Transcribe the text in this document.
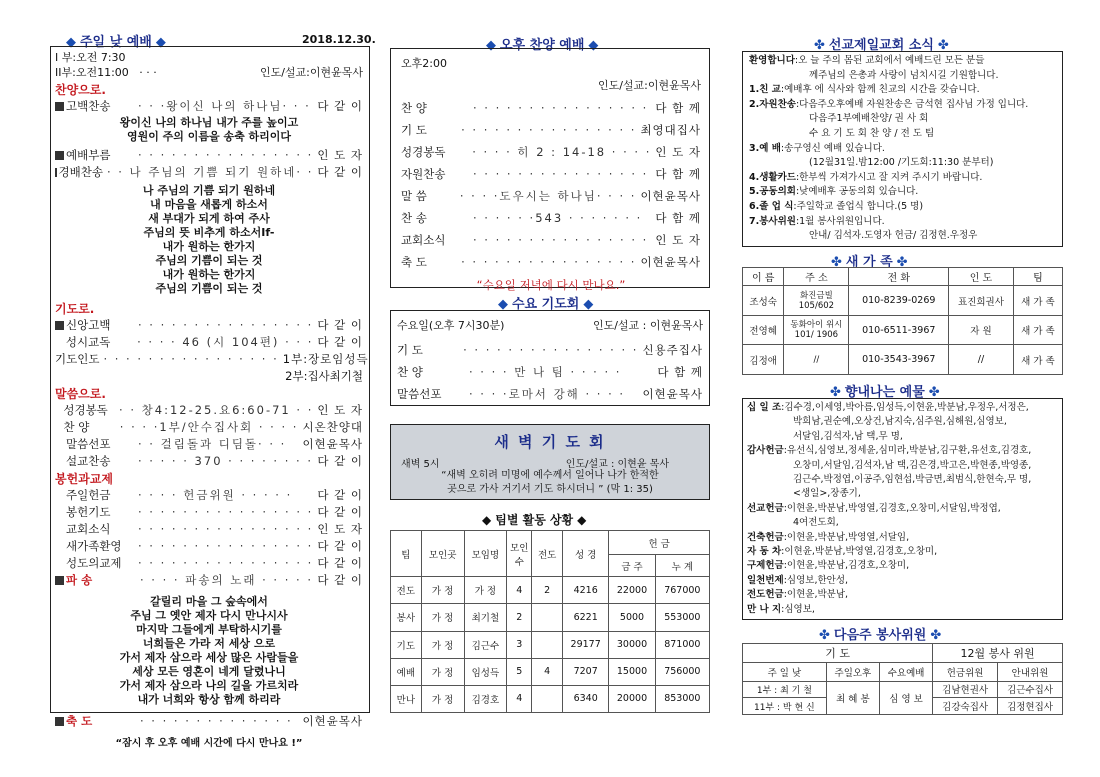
◆ 주일 낮 예배 ◆	2018.12.30.
I 부:오전 7:30
II부:오전11:00 · · ·	인도/설교:이현윤목사
찬양으로.
고백찬송	· · ·왕이신 나의 하나님· · · 다 같 이
왕이신 나의 하나님 내가 주를 높이고
영원이 주의 이름을 송축 하리이다
예배부름	· · · · · · · · · · · · · · · · 인 도 자
경배찬송 · · 나 주님의 기쁨 되기 원하네· · 다 같 이
나 주님의 기쁨 되기 원하네
내 마음을 새롭게 하소서
새 부대가 되게 하여 주사
주님의 뜻 비추게 하소서If-
내가 원하는 한가지
주님의 기쁨이 되는 것
내가 원하는 한가지
주님의 기쁨이 되는 것
기도로.
신앙고백	· · · · · · · · · · · · · · · · 다 같 이
성시교독	· · · · 46 (시 104편) · · · 다 같 이
기도인도 · · · · · · · · · · · · · · · · 1부:장로임성득
2부:집사최기철
말씀으로.
성경봉독 · · 창4:12-25.요6:60-71 · · 인 도 자
찬 양	· · · ·1부/안수집사회 · · · · 시온찬양대
말씀선포	· · 걸림돌과 디딤돌· · ·	이현윤목사
설교찬송	· · · · · 370 · · · · · · · · 다 같 이
봉헌과교제
주일헌금	· · · · 헌금위원 · · · · ·	다 같 이
봉헌기도	· · · · · · · · · · · · · · · · 다 같 이
교회소식	· · · · · · · · · · · · · · · · 인 도 자
새가족환영	· · · · · · · · · · · · · · · · 다 같 이
성도의교제	· · · · · · · · · · · · · · · · 다 같 이
파 송	· · · · 파송의 노래 · · · · · 다 같 이
갈릴리 마을 그 숲속에서
주님 그 옛안 제자 다시 만나시사
마지막 그들에게 부탁하시기를
너희들은 가라 저 세상 으로
가서 제자 삼으라 세상 많은 사람들을
세상 모든 영혼이 네게 달렸나니
가서 제자 삼으라 나의 길을 가르치라
내가 너희와 항상 함께 하리라
축 도	· · · · · · · · · · · · · · 이현윤목사
“잠시 후 오후 예배 시간에 다시 만나요 !”
◆ 오후 찬양 예배 ◆
오후2:00
인도/설교:이현윤목사
찬 양	· · · · · · · · · · · · · · · · 다 함 께
기 도	· · · · · · · · · · · · · · · · 최영대집사
성경봉독	· · · · 히 2 : 14-18 · · · · 인 도 자
자원찬송	· · · · · · · · · · · · · · · · 다 함 께
말 씀	· · · ·도우시는 하나님· · · · 이현윤목사
찬 송	· · · · · ·543 · · · · · · ·	다 함 께
교회소식	· · · · · · · · · · · · · · · · 인 도 자
축 도	· · · · · · · · · · · · · · · · 이현윤목사
“수요일 저녁에 다시 만나요.”
◆ 수요 기도회 ◆
수요일(오후 7시30분)	인도/설교 : 이현윤목사
기 도	· · · · · · · · · · · · · · · · 신용주집사
찬 양	· · · · 만 나 팀 · · · · ·	다 함 께
말씀선포	· · · ·로마서 강해 · · · ·	이현윤목사
새 벽 기 도 회
새벽 5시	인도/설교 : 이현윤 목사
“새벽 오히려 미명에 예수께서 일어나 나가 한적한
곳으로 가사 거기서 기도 하시더니 ” (막 1: 35)
◆ 팀별 활동 상황 ◆
팀	모인곳	모임명	모인 수	전도	성 경	헌 금	
						금 주	누 계
전도	가 정	가 정	4	2	4216	22000	767000
봉사	가 정	최기철	2		6221	5000	553000
기도	가 정	김근수	3		29177	30000	871000
예배	가 정	임성득	5	4	7207	15000	756000
만나	가 정	김경호	4		6340	20000	853000
✤ 선교제일교회 소식 ✤
환영합니다 :오 늘 주의 몸된 교회에서 예배드린 모든 분들
께주님의 은총과 사랑이 넘치시길 기원합니다.
1.친 교 :예배후 에 식사와 함께 친교의 시간을 갖습니다.
2.자원찬송 :다음주오후예배 자원찬송은 금석현 집사님 가정 입니다.
다음주1부예배찬양/ 권 사 회
수 요 기 도 회 찬 양 / 전 도 팀
3.예 배 :송구영신 예배 있습니다.
(12월31일.밤12:00 /기도회:11:30 분부터)
4.생활카드 :한부씩 가져가시고 잘 지켜 주시기 바랍니다.
5.공동의회 :낮예배후 공동의회 있습니다.
6.졸 업 식 :주일학교 졸업식 합니다.(5 명)
7.봉사위원 :1월 봉사위원입니다.
안내/ 김석자.도영자 헌금/ 김정현.우정우
✤ 새 가 족 ✤
이 름	주 소	전 화	인 도	팀
조성숙	화진금빌 105/602	010-8239-0269	표진희권사	새 가 족
전영혜	동화아이 위시101/ 1906	010-6511-3967	자 원	새 가 족
김정애	//	010-3543-3967	//	새 가 족
✤ 향내나는 예물 ✤
십 일 조 :김수경,이세영,박아름,임성득,이현윤,박분남,우정우,서정은,
박희남,권순예,오상건,남지숙,심주원,심해원,심영보,
서달임,김석자,남 택,무 명,
감사헌금 :유선식,심영보,정세윤,심미라,박분남,김구환,유선호,김경호,
오창미,서달임,김석자,남 택,김은경,박고은,박현종,박영종,
김근수,박정엽,이공주,임현섭,박금면,최범식,한현숙,무 명,
<생일>,장종기,
선교헌금 :이현윤,박분남,박영열,김경호,오창미,서달임,박정엽,
4여전도회,
건축헌금 :이현윤,박분남,박영열,서달임,
자 동 차 :이현윤,박분남,박영열,김경호,오창미,
구제헌금 :이현윤,박분남,김경호,오창미,
일천번제 :심영보,한안성,
전도헌금 :이현윤,박분남,
만 나 지 :심영보,
✤ 다음주 봉사위원 ✤
기 도			12월 봉사 위원	
주 일 낮	주일오후	수요예배	헌금위원	안내위원
1부 : 최 기 철	최 혜 봉	심 영 보	김남현권사	김근수집사
11부 : 박 현 신			김강숙집사	김정현집사
